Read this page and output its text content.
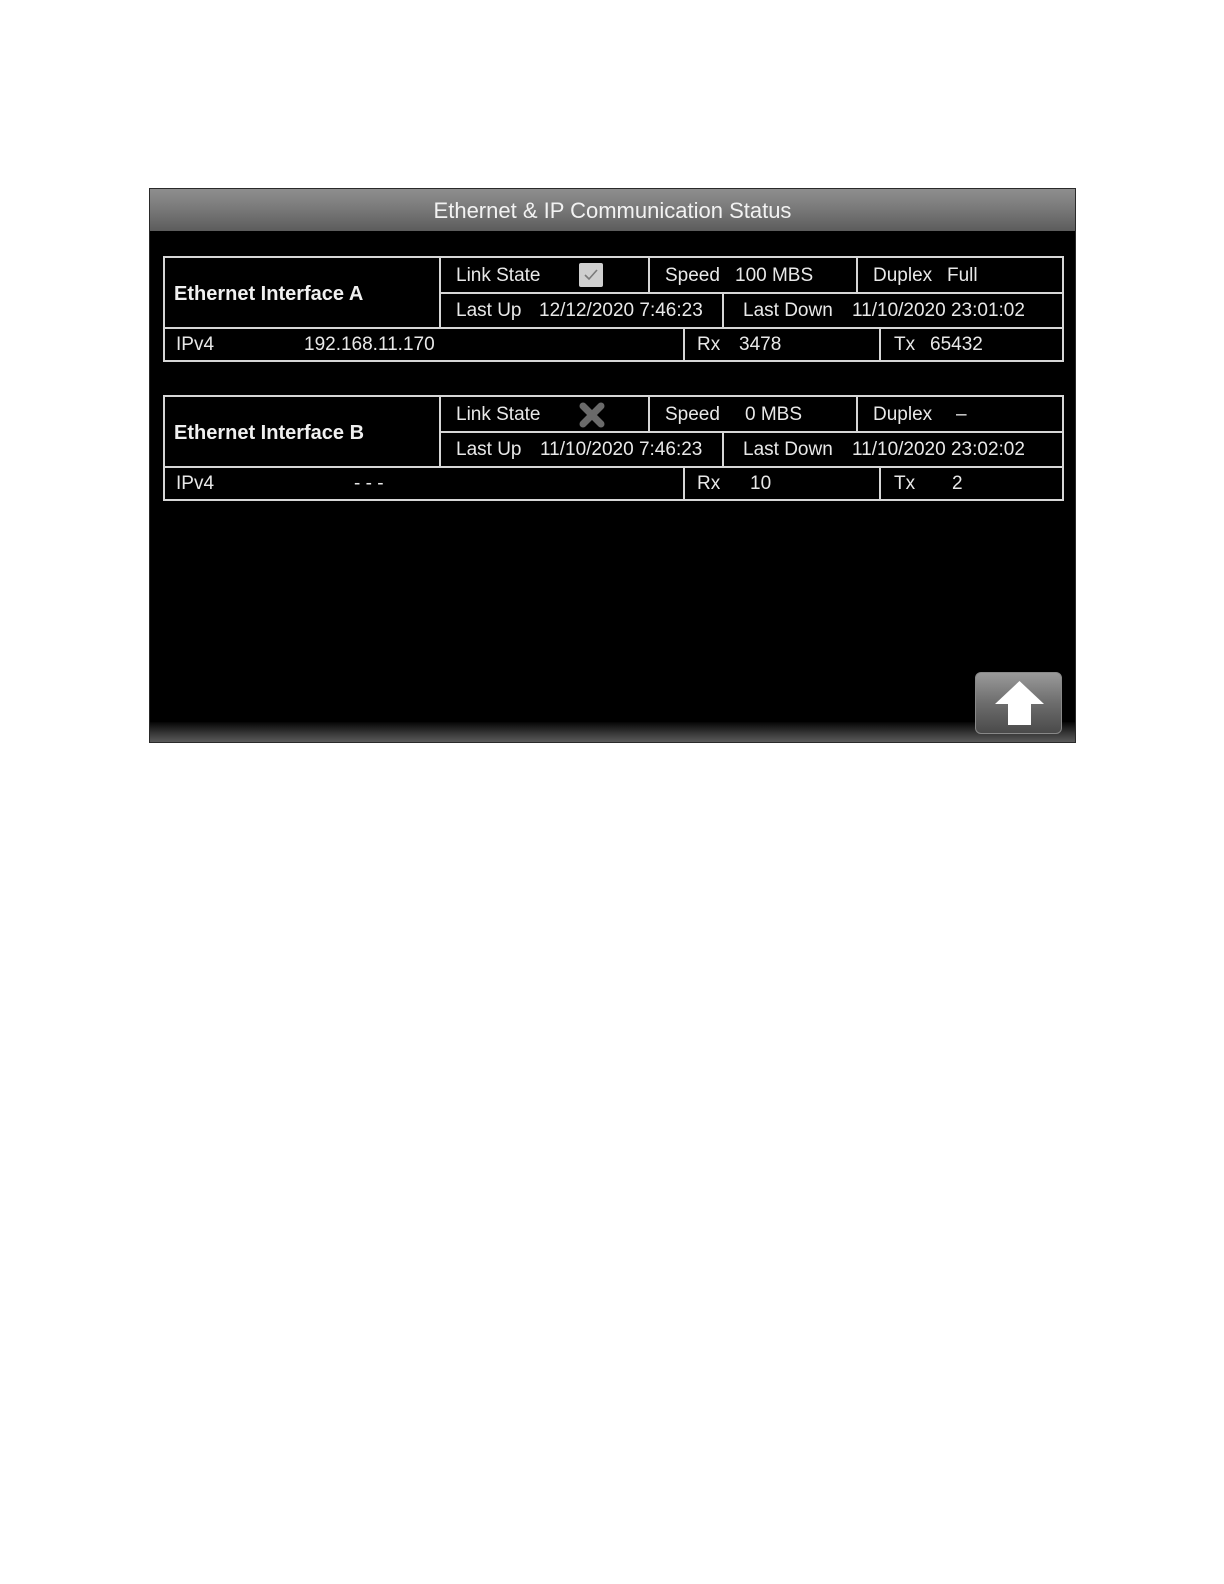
Ethernet & IP Communication Status
Ethernet Interface A
Link State	Speed 100 MBS	Duplex Full
Last Up 12/12/2020 7:46:23 Last Down 11/10/2020 23:01:02
IPv4	192.168.11.170	Rx 3478	Tx 65432
Ethernet Interface B
Link State	Speed 0 MBS	Duplex –
Last Up 11/10/2020 7:46:23 Last Down 11/10/2020 23:02:02
IPv4	- - -	Rx 10	Tx 2
